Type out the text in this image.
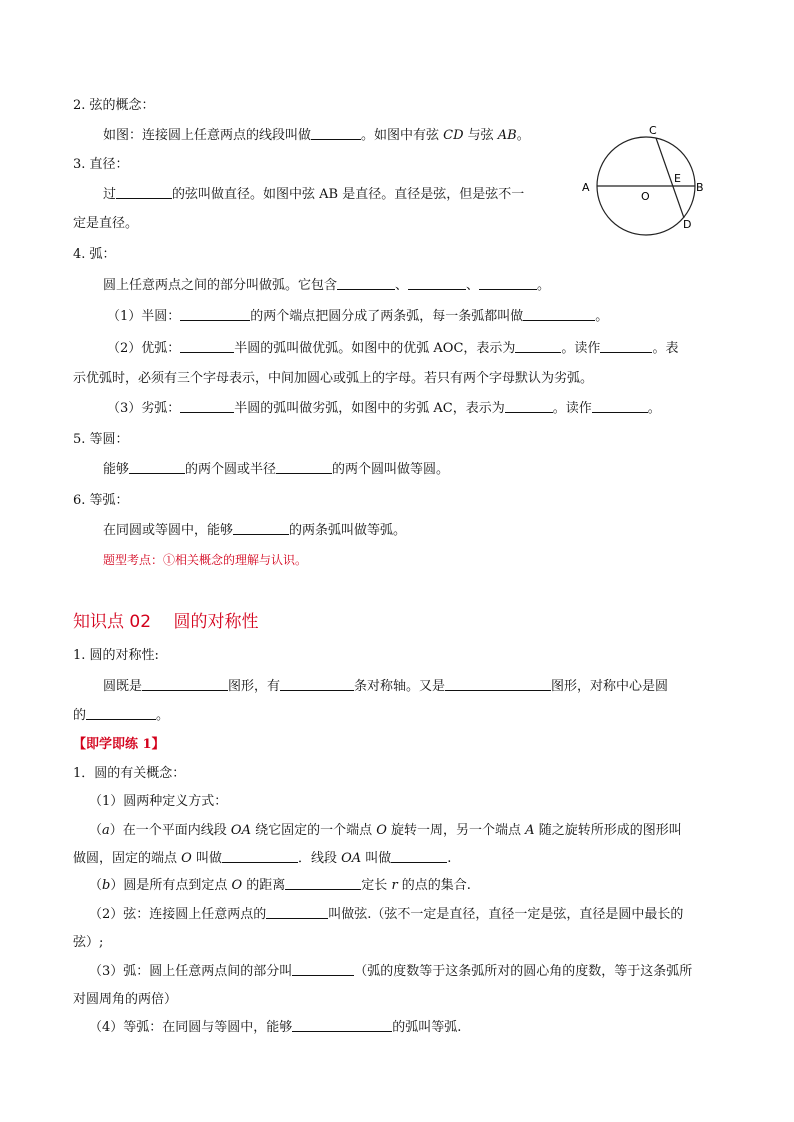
2. 弦的概念：
如图：连接圆上任意两点的线段叫做	。如图中有弦 CD 与弦 AB。
3. 直径：
过	的弦叫做直径。如图中弦 AB 是直径。直径是弦，但是弦不一
定是直径。
A	B
C
D
E
O
4. 弧：
圆上任意两点之间的部分叫做弧。它包含	、	、	。
（1）半圆：	的两个端点把圆分成了两条弧，每一条弧都叫做	。
（2）优弧：	半圆的弧叫做优弧。如图中的优弧 AOC，表示为	。读作	。表
示优弧时，必须有三个字母表示，中间加圆心或弧上的字母。若只有两个字母默认为劣弧。
（3）劣弧：	半圆的弧叫做劣弧，如图中的劣弧 AC，表示为	。读作	。
5. 等圆：
能够	的两个圆或半径	的两个圆叫做等圆。
6. 等弧：
在同圆或等圆中，能够	的两条弧叫做等弧。
题型考点：①相关概念的理解与认识。
知识点 02　 圆的对称性
1. 圆的对称性:
圆既是	图形，有	条对称轴。又是	图形，对称中心是圆
的	。
【即学即练 1】
1．圆的有关概念：
（1）圆两种定义方式：
（a）在一个平面内线段 OA 绕它固定的一个端点 O 旋转一周，另一个端点 A 随之旋转所形成的图形叫
做圆，固定的端点 O 叫做	．线段 OA 叫做	.
（b）圆是所有点到定点 O 的距离	定长 r 的点的集合.
（2）弦：连接圆上任意两点的	叫做弦.（弦不一定是直径，直径一定是弦，直径是圆中最长的
弦）;
（3）弧：圆上任意两点间的部分叫	（弧的度数等于这条弧所对的圆心角的度数，等于这条弧所
对圆周角的两倍）
（4）等弧：在同圆与等圆中，能够	的弧叫等弧.
